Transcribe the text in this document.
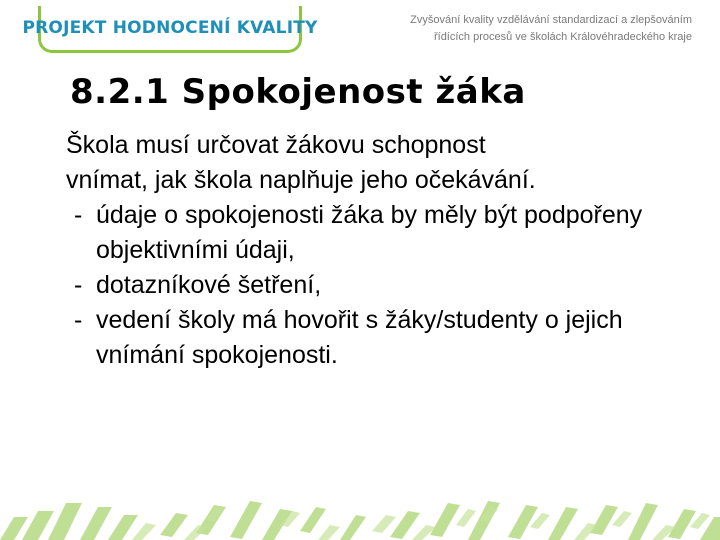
PROJEKT HODNOCENÍ KVALITY	Zvyšování kvality vzdělávání standardizací a zlepšováním
řídících procesů ve školách Královéhradeckého kraje
8.2.1 Spokojenost žáka

Škola musí určovat žákovu schopnost

vnímat, jak škola naplňuje jeho očekávání.

- údaje o spokojenosti žáka by měly být podpořeny objektivními údaji,
- dotazníkové šetření,
- vedení školy má hovořit s žáky/studenty o jejich vnímání spokojenosti.
